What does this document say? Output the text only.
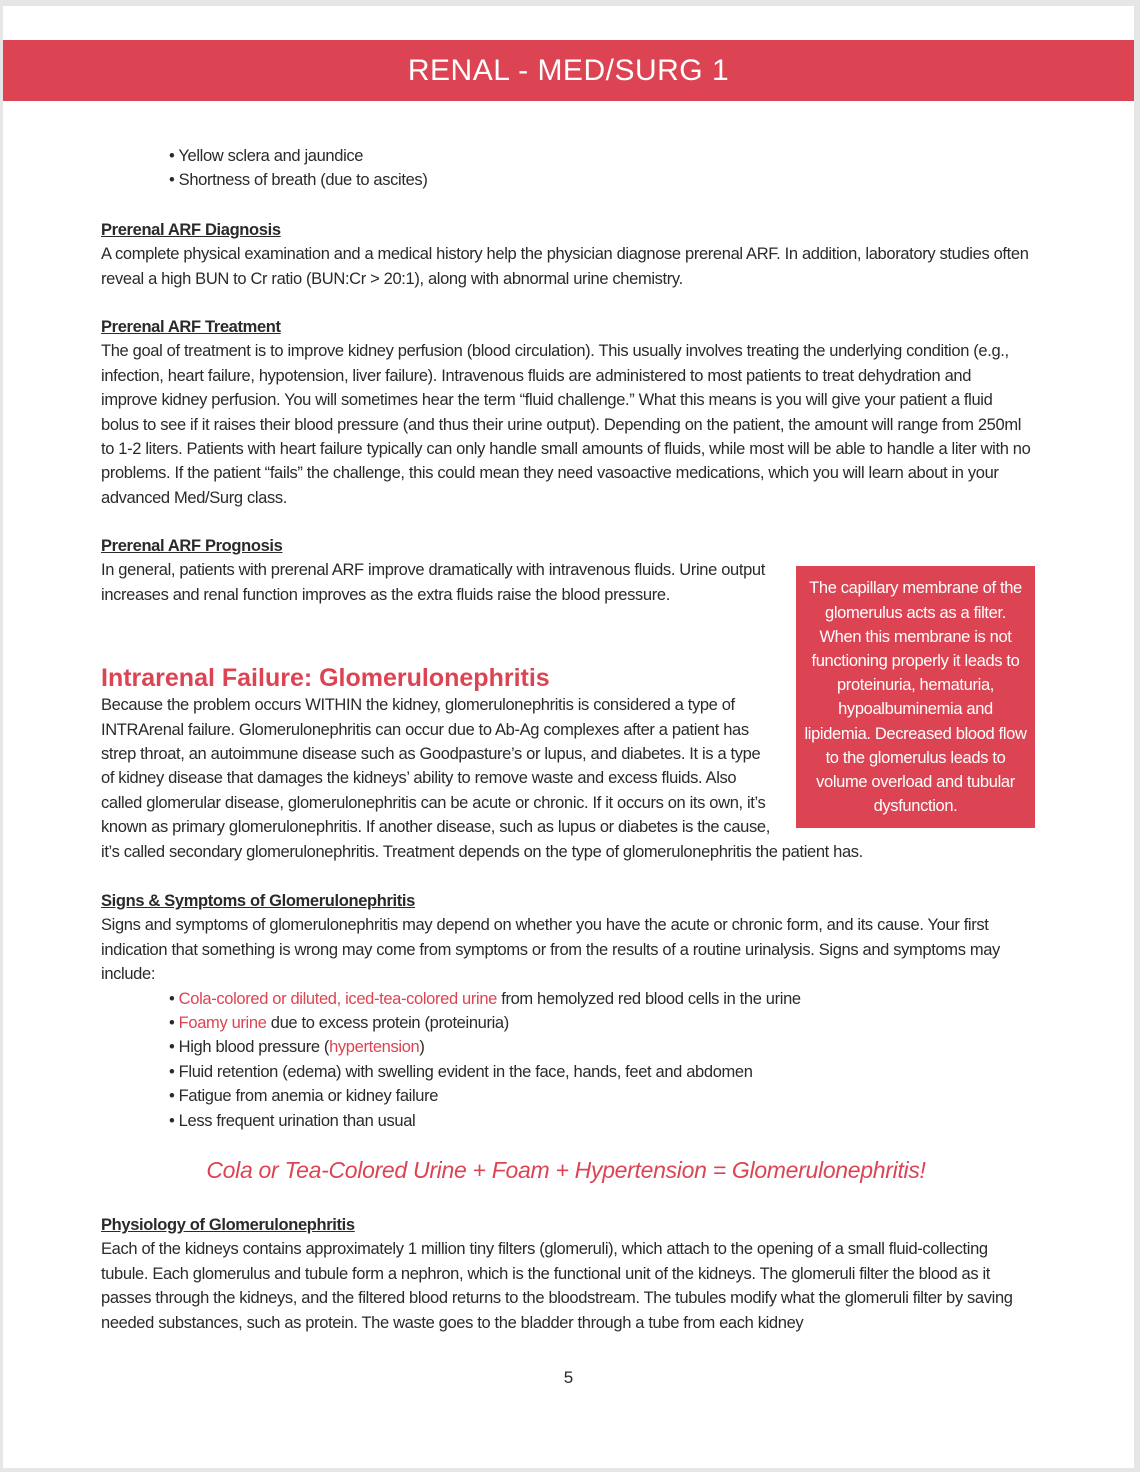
RENAL - MED/SURG 1
• Yellow sclera and jaundice
• Shortness of breath (due to ascites)
Prerenal ARF Diagnosis

A complete physical examination and a medical history help the physician diagnose prerenal ARF. In addition, laboratory studies often reveal a high BUN to Cr ratio (BUN:Cr > 20:1), along with abnormal urine chemistry.

Prerenal ARF Treatment

The goal of treatment is to improve kidney perfusion (blood circulation). This usually involves treating the underlying condition (e.g., infection, heart failure, hypotension, liver failure). Intravenous fluids are administered to most patients to treat dehydration and improve kidney perfusion. You will sometimes hear the term “fluid challenge.” What this means is you will give your patient a fluid bolus to see if it raises their blood pressure (and thus their urine output). Depending on the patient, the amount will range from 250ml to 1-2 liters. Patients with heart failure typically can only handle small amounts of fluids, while most will be able to handle a liter with no problems. If the patient “fails” the challenge, this could mean they need vasoactive medications, which you will learn about in your advanced Med/Surg class.

Prerenal ARF Prognosis
The capillary membrane of the glomerulus acts as a filter. When this membrane is not functioning properly it leads to proteinuria, hematuria, hypoalbuminemia and lipidemia. Decreased blood flow to the glomerulus leads to volume overload and tubular dysfunction.

In general, patients with prerenal ARF improve dramatically with intravenous fluids. Urine output increases and renal function improves as the extra fluids raise the blood pressure.

Intrarenal Failure: Glomerulonephritis

Because the problem occurs WITHIN the kidney, glomerulonephritis is considered a type of INTRArenal failure. Glomerulonephritis can occur due to Ab-Ag complexes after a patient has strep throat, an autoimmune disease such as Goodpasture’s or lupus, and diabetes. It is a type of kidney disease that damages the kidneys’ ability to remove waste and excess fluids. Also called glomerular disease, glomerulonephritis can be acute or chronic. If it occurs on its own, it’s known as primary glomerulonephritis. If another disease, such as lupus or diabetes is the cause, it’s called secondary glomerulonephritis. Treatment depends on the type of glomerulonephritis the patient has.

Signs & Symptoms of Glomerulonephritis

Signs and symptoms of glomerulonephritis may depend on whether you have the acute or chronic form, and its cause. Your first indication that something is wrong may come from symptoms or from the results of a routine urinalysis. Signs and symptoms may include:

• Cola-colored or diluted, iced-tea-colored urine from hemolyzed red blood cells in the urine
• Foamy urine due to excess protein (proteinuria)
• High blood pressure (hypertension)
• Fluid retention (edema) with swelling evident in the face, hands, feet and abdomen
• Fatigue from anemia or kidney failure
• Less frequent urination than usual
Cola or Tea-Colored Urine + Foam + Hypertension = Glomerulonephritis!
Physiology of Glomerulonephritis

Each of the kidneys contains approximately 1 million tiny filters (glomeruli), which attach to the opening of a small fluid-collecting tubule. Each glomerulus and tubule form a nephron, which is the functional unit of the kidneys. The glomeruli filter the blood as it passes through the kidneys, and the filtered blood returns to the bloodstream. The tubules modify what the glomeruli filter by saving needed substances, such as protein. The waste goes to the bladder through a tube from each kidney

5
